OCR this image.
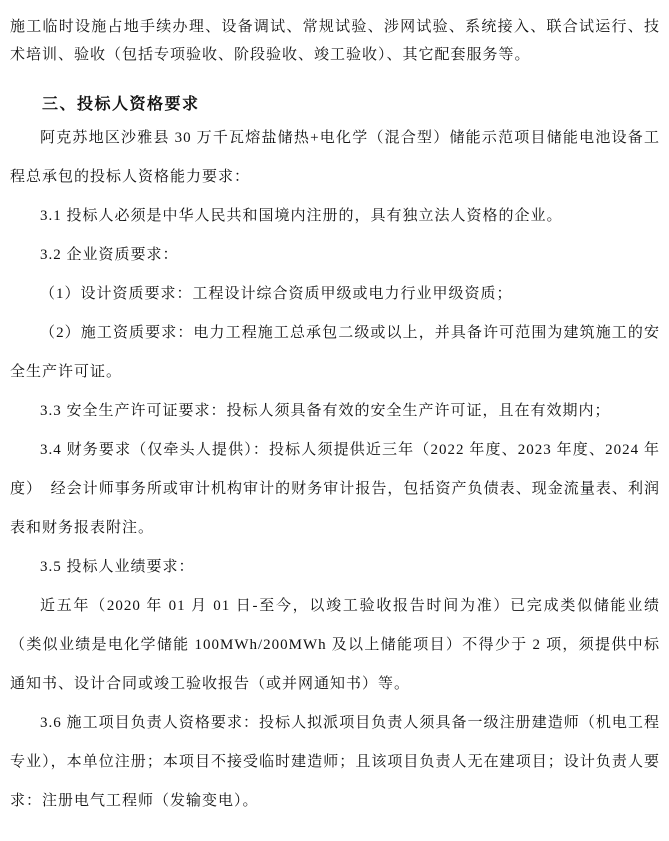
施工临时设施占地手续办理、设备调试、常规试验、涉网试验、系统接入、联合试运行、技术培训、验收（包括专项验收、阶段验收、竣工验收）、其它配套服务等。

三、投标人资格要求

阿克苏地区沙雅县 30 万千瓦熔盐储热+电化学（混合型）储能示范项目储能电池设备工程总承包的投标人资格能力要求：

3.1 投标人必须是中华人民共和国境内注册的，具有独立法人资格的企业。

3.2 企业资质要求：

（1）设计资质要求：工程设计综合资质甲级或电力行业甲级资质；

（2）施工资质要求：电力工程施工总承包二级或以上，并具备许可范围为建筑施工的安全生产许可证。

3.3 安全生产许可证要求：投标人须具备有效的安全生产许可证，且在有效期内；

3.4 财务要求（仅牵头人提供）：投标人须提供近三年（2022 年度、2023 年度、2024 年度）　经会计师事务所或审计机构审计的财务审计报告，包括资产负债表、现金流量表、利润表和财务报表附注。

3.5 投标人业绩要求：

近五年（2020 年 01 月 01 日-至今，以竣工验收报告时间为准）已完成类似储能业绩（类似业绩是电化学储能 100MWh/200MWh 及以上储能项目）不得少于 2 项，须提供中标通知书、设计合同或竣工验收报告（或并网通知书）等。

3.6 施工项目负责人资格要求：投标人拟派项目负责人须具备一级注册建造师（机电工程专业），本单位注册；本项目不接受临时建造师；且该项目负责人无在建项目；设计负责人要求：注册电气工程师（发输变电）。
